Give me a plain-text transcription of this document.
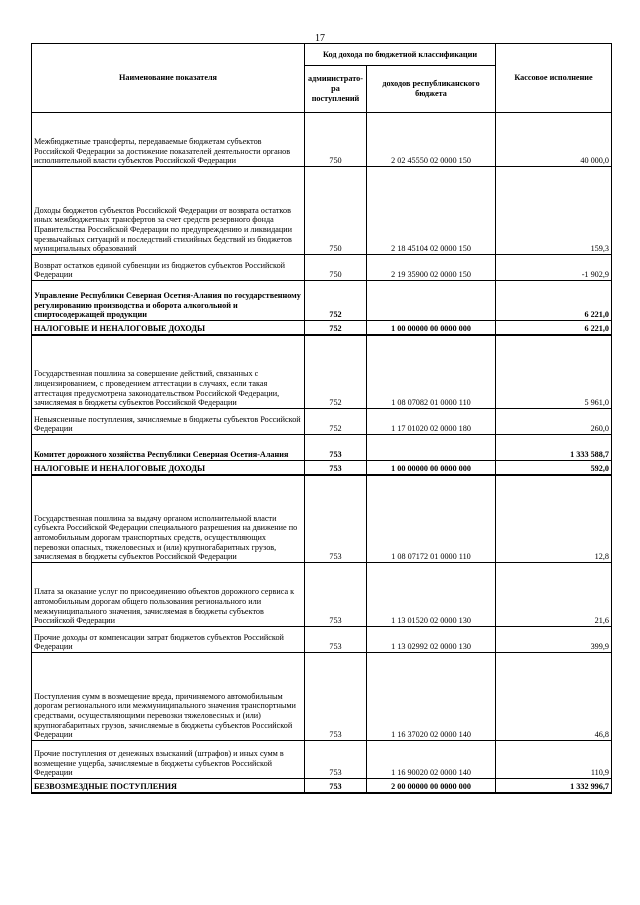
17
Наименование показателя	Код дохода по бюджетной классификации		Кассовое исполнение
	администрато-ра поступлений	доходов республиканского бюджета	
Межбюджетные трансферты, передаваемые бюджетам субъектов Российской Федерации за достижение показателей деятельности органов исполнительной власти субъектов Российской Федерации	750	2 02 45550 02 0000 150	40 000,0
Доходы бюджетов субъектов Российской Федерации от возврата остатков иных межбюджетных трансфертов за счет средств резервного фонда Правительства Российской Федерации по предупреждению и ликвидации чрезвычайных ситуаций и последствий стихийных бедствий из бюджетов муниципальных образований	750	2 18 45104 02 0000 150	159,3
Возврат остатков единой субвенции из бюджетов субъектов Российской Федерации	750	2 19 35900 02 0000 150	-1 902,9
Управление Республики Северная Осетия-Алания по государственному регулированию производства и оборота алкогольной и спиртосодержащей продукции	752		6 221,0
НАЛОГОВЫЕ И НЕНАЛОГОВЫЕ ДОХОДЫ	752	1 00 00000 00 0000 000	6 221,0
Государственная пошлина за совершение действий, связанных с лицензированием, с проведением аттестации в случаях, если такая аттестация предусмотрена законодательством Российской Федерации, зачисляемая в бюджеты субъектов Российской Федерации	752	1 08 07082 01 0000 110	5 961,0
Невыясненные поступления, зачисляемые в бюджеты субъектов Российской Федерации	752	1 17 01020 02 0000 180	260,0
Комитет дорожного хозяйства Республики Северная Осетия-Алания	753		1 333 588,7
НАЛОГОВЫЕ И НЕНАЛОГОВЫЕ ДОХОДЫ	753	1 00 00000 00 0000 000	592,0
Государственная пошлина за выдачу органом исполнительной власти субъекта Российской Федерации специального разрешения на движение по автомобильным дорогам транспортных средств, осуществляющих перевозки опасных, тяжеловесных и (или) крупногабаритных грузов, зачисляемая в бюджеты субъектов Российской Федерации	753	1 08 07172 01 0000 110	12,8
Плата за оказание услуг по присоединению объектов дорожного сервиса к автомобильным дорогам общего пользования регионального или межмуниципального значения, зачисляемая в бюджеты субъектов Российской Федерации	753	1 13 01520 02 0000 130	21,6
Прочие доходы от компенсации затрат бюджетов субъектов Российской Федерации	753	1 13 02992 02 0000 130	399,9
Поступления сумм в возмещение вреда, причиняемого автомобильным дорогам регионального или межмуниципального значения транспортными средствами, осуществляющими перевозки тяжеловесных и (или) крупногабаритных грузов, зачисляемые в бюджеты субъектов Российской Федерации	753	1 16 37020 02 0000 140	46,8
Прочие поступления от денежных взысканий (штрафов) и иных сумм в возмещение ущерба, зачисляемые в бюджеты субъектов Российской Федерации	753	1 16 90020 02 0000 140	110,9
БЕЗВОЗМЕЗДНЫЕ ПОСТУПЛЕНИЯ	753	2 00 00000 00 0000 000	1 332 996,7
